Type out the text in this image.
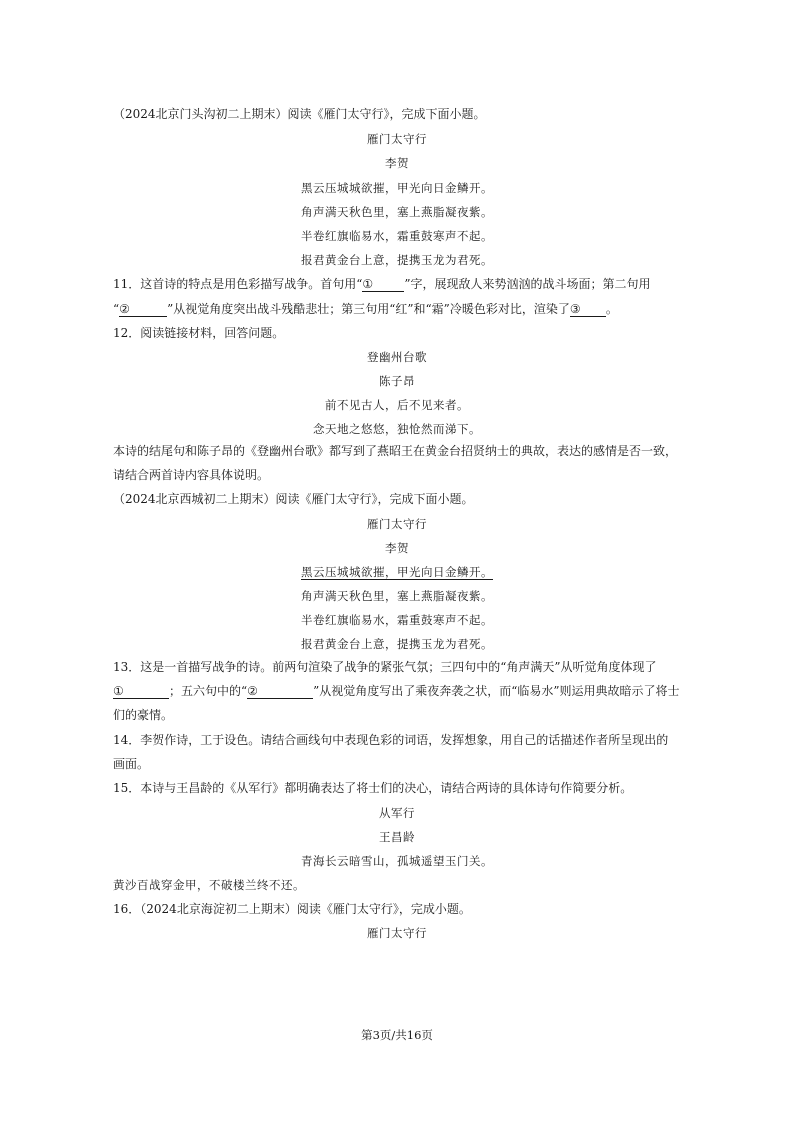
（2024北京门头沟初二上期末）阅读《雁门太守行》，完成下面小题。
雁门太守行
李贺
黑云压城城欲摧，甲光向日金鳞开。
角声满天秋色里，塞上燕脂凝夜紫。
半卷红旗临易水，霜重鼓寒声不起。
报君黄金台上意，提携玉龙为君死。
11．这首诗的特点是用色彩描写战争。首句用“①	”字，展现敌人来势汹汹的战斗场面；第二句用
“②	”从视觉角度突出战斗残酷悲壮；第三句用“红”和“霜”冷暖色彩对比，渲染了③ 。
12．阅读链接材料，回答问题。
登幽州台歌
陈子昂
前不见古人，后不见来者。
念天地之悠悠，独怆然而涕下。
本诗的结尾句和陈子昂的《登幽州台歌》都写到了燕昭王在黄金台招贤纳士的典故，表达的感情是否一致，
请结合两首诗内容具体说明。
（2024北京西城初二上期末）阅读《雁门太守行》，完成下面小题。
雁门太守行
李贺
黑云压城城欲摧，甲光向日金鳞开。
角声满天秋色里，塞上燕脂凝夜紫。
半卷红旗临易水，霜重鼓寒声不起。
报君黄金台上意，提携玉龙为君死。
13．这是一首描写战争的诗。前两句渲染了战争的紧张气氛；三四句中的“角声满天”从听觉角度体现了
①	；五六句中的“②	”从视觉角度写出了乘夜奔袭之状，而“临易水”则运用典故暗示了将士
们的豪情。
14．李贺作诗，工于设色。请结合画线句中表现色彩的词语，发挥想象，用自己的话描述作者所呈现出的
画面。
15．本诗与王昌龄的《从军行》都明确表达了将士们的决心，请结合两诗的具体诗句作简要分析。
从军行
王昌龄
青海长云暗雪山，孤城遥望玉门关。
黄沙百战穿金甲，不破楼兰终不还。
16．（2024北京海淀初二上期末）阅读《雁门太守行》，完成小题。
雁门太守行
第3页/共16页
